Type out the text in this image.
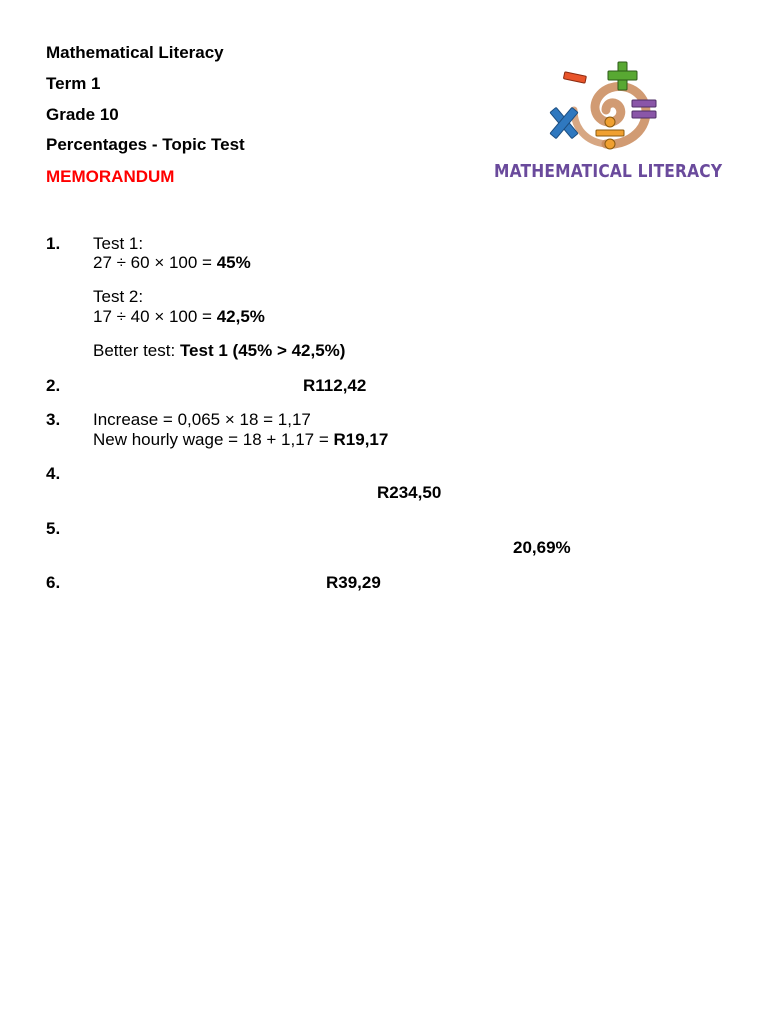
Mathematical Literacy
Term 1
Grade 10
Percentages - Topic Test
MEMORANDUM	MATHEMATICAL LITERACY
1. Test 1:
27 ÷ 60 × 100 = 45%
Test 2:
17 ÷ 40 × 100 = 42,5%
Better test: Test 1 (45% > 42,5%)
2.	R112,42
3. Increase = 0,065 × 18 = 1,17
New hourly wage = 18 + 1,17 = R19,17
4.
R234,50
5.
20,69%
6.	R39,29
